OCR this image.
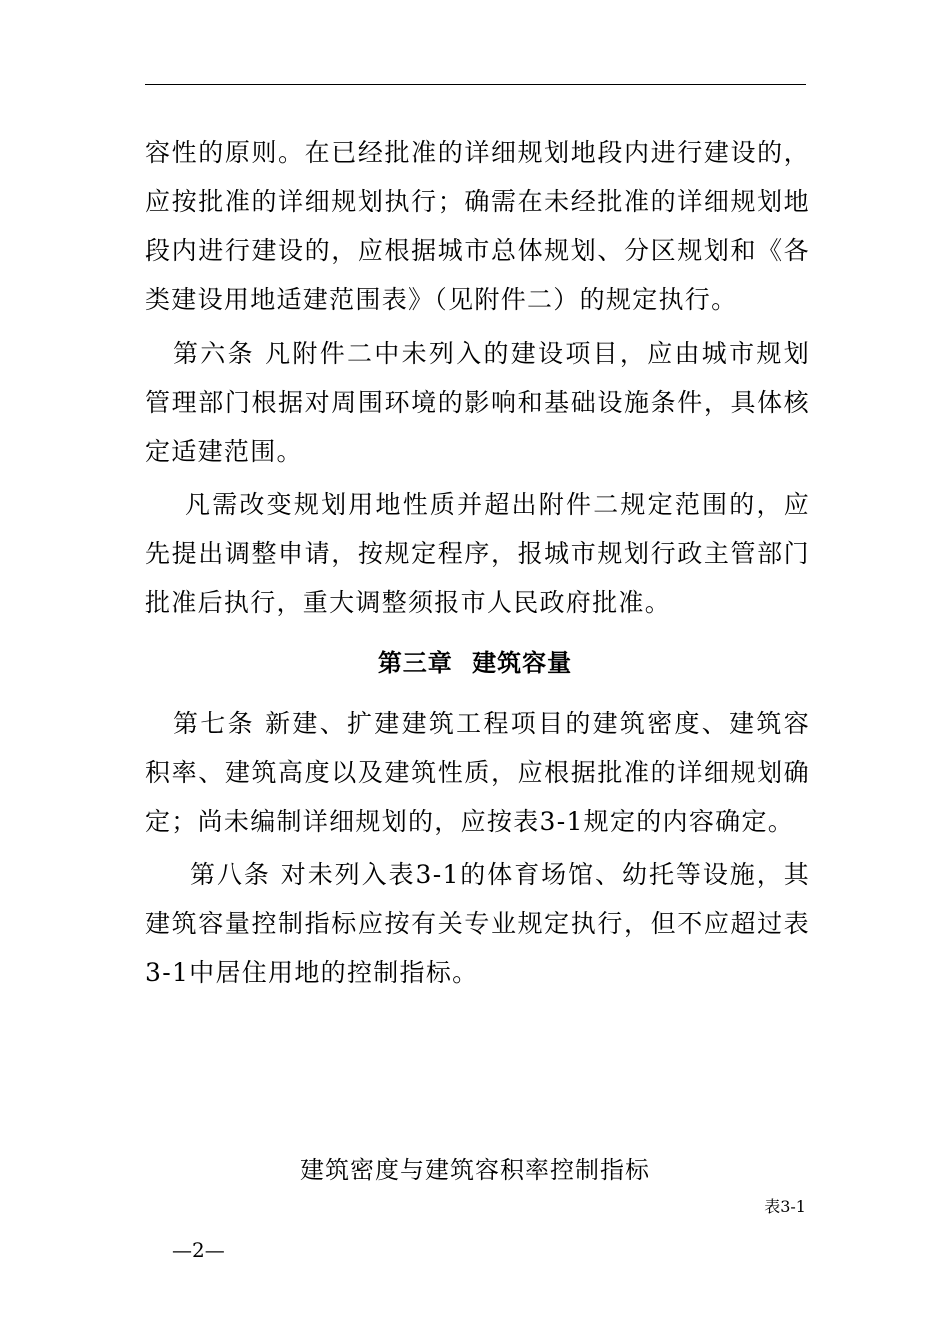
容性的原则。在已经批准的详细规划地段内进行建设的，应按批准的详细规划执行；确需在未经批准的详细规划地段内进行建设的，应根据城市总体规划、分区规划和《各类建设用地适建范围表》（见附件二）的规定执行。

第六条 凡附件二中未列入的建设项目，应由城市规划管理部门根据对周围环境的影响和基础设施条件，具体核定适建范围。

凡需改变规划用地性质并超出附件二规定范围的，应先提出调整申请，按规定程序，报城市规划行政主管部门批准后执行，重大调整须报市人民政府批准。

第三章 建筑容量

第七条 新建、扩建建筑工程项目的建筑密度、建筑容积率、建筑高度以及建筑性质，应根据批准的详细规划确定；尚未编制详细规划的，应按表3-1规定的内容确定。

第八条 对未列入表3-1的体育场馆、幼托等设施，其建筑容量控制指标应按有关专业规定执行，但不应超过表3-1中居住用地的控制指标。

建筑密度与建筑容积率控制指标
表3-1
—2—
